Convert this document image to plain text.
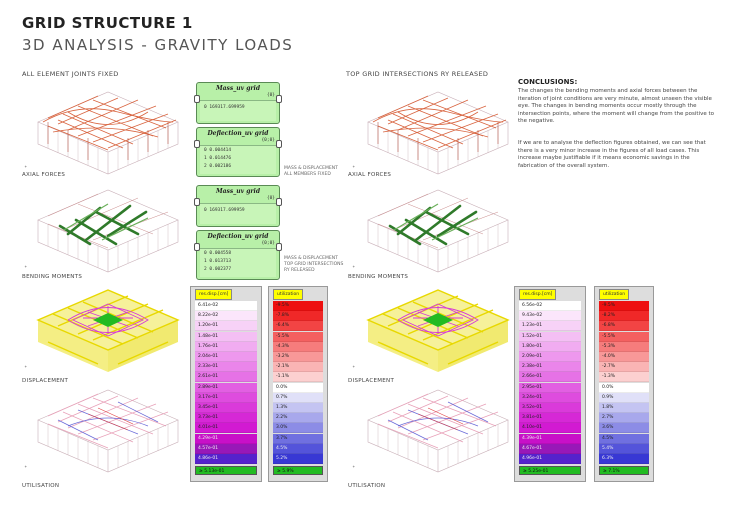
GRID STRUCTURE 1
3D ANALYSIS - GRAVITY LOADS
ALL ELEMENT JOINTS FIXED	TOP GRID INTERSECTIONS RY RELEASED
✦
✦
✦
✦
✦
✦
✦
✦
AXIAL FORCES
BENDING MOMENTS
DISPLACEMENT
UTILISATION
AXIAL FORCES
BENDING MOMENTS
DISPLACEMENT
UTILISATION
Mass_uv grid
{0}
0 169317.699959
Deflection_uv grid
{0;0}
0 0.004414
1 0.014476
2 0.002186	MASS & DISPLACEMENT
ALL MEMBERS FIXED
Mass_uv grid
{0}
0 169317.699959
Deflection_uv grid
{0;0}
0 0.004558
1 0.013713
2 0.002377
MASS & DISPLACEMENT
TOP GRID INTERSECTIONS
RY RELEASED
res.disp.[cm]
6.41e-02
8.22e-02
1.20e-01
1.48e-01
1.76e-01
2.04e-01
2.33e-01
2.61e-01
2.89e-01
3.17e-01
3.45e-01
3.73e-01
4.01e-01
4.29e-01
4.57e-01
4.86e-01
≥ 5.13e-01
utilization
-9.5%
-7.8%
-6.4%
-5.5%
-4.3%
-3.2%
-2.1%
-1.1%
0.0%
0.7%
1.3%
2.2%
3.0%
3.7%
4.5%
5.2%
≥ 5.9%
res.disp.[cm]
6.56e-02
9.43e-02
1.23e-01
1.52e-01
1.80e-01
2.09e-01
2.38e-01
2.66e-01
2.95e-01
3.24e-01
3.52e-01
3.81e-01
4.10e-01
4.39e-01
4.67e-01
4.96e-01
≥ 5.25e-01
utilization
-9.5%
-8.2%
-6.8%
-5.5%
-5.3%
-4.0%
-2.7%
-1.3%
0.0%
0.9%
1.8%
2.7%
3.6%
4.5%
5.4%
6.3%
≥ 7.1%
CONCLUSIONS:
The changes the bending moments and axial forces between the iteration of joint conditions are very minute, almost unseen the visible eye. The changes in bending moments occur mostly through the intersection points, where the moment will change from the positive to the negative.
If we are to analyse the deflection figures obtained, we can see that there is a very minor increase in the figures of all load cases. This increase maybe justifiable if it means economic savings in the fabrication of the overall system.
